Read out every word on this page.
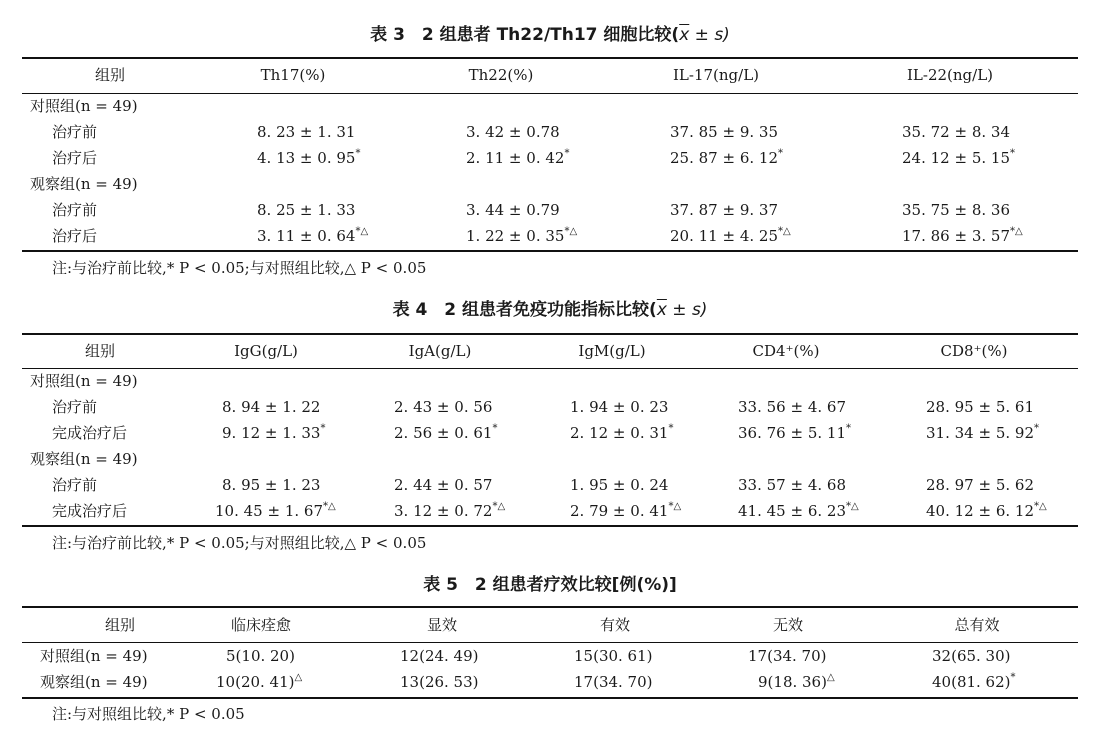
表 3　2 组患者 Th22/Th17 细胞比较$(\overline{x} \pm s)$
组别	Th17(%)	Th22(%)	IL-17(ng/L)	IL-22(ng/L)
对照组(n = 49)
治疗前	8. 23 ± 1. 31	3. 42 ± 0.78	37. 85 ± 9. 35	35. 72 ± 8. 34
治疗后	4. 13 ± 0. 95*	2. 11 ± 0. 42*	25. 87 ± 6. 12*	24. 12 ± 5. 15*
观察组(n = 49)
治疗前	8. 25 ± 1. 33	3. 44 ± 0.79	37. 87 ± 9. 37	35. 75 ± 8. 36
治疗后	3. 11 ± 0. 64*△	1. 22 ± 0. 35*△	20. 11 ± 4. 25*△	17. 86 ± 3. 57*△
注:与治疗前比较,* P < 0.05;与对照组比较,△ P < 0.05
表 4　2 组患者免疫功能指标比较$(\overline{x} \pm s)$
组别	IgG(g/L)	IgA(g/L)	IgM(g/L)	CD4⁺(%)	CD8⁺(%)
对照组(n = 49)
治疗前	8. 94 ± 1. 22	2. 43 ± 0. 56	1. 94 ± 0. 23	33. 56 ± 4. 67	28. 95 ± 5. 61
完成治疗后	9. 12 ± 1. 33*	2. 56 ± 0. 61*	2. 12 ± 0. 31*	36. 76 ± 5. 11*	31. 34 ± 5. 92*
观察组(n = 49)
治疗前	8. 95 ± 1. 23	2. 44 ± 0. 57	1. 95 ± 0. 24	33. 57 ± 4. 68	28. 97 ± 5. 62
完成治疗后	10. 45 ± 1. 67*△	3. 12 ± 0. 72*△	2. 79 ± 0. 41*△	41. 45 ± 6. 23*△	40. 12 ± 6. 12*△
注:与治疗前比较,* P < 0.05;与对照组比较,△ P < 0.05
表 5　2 组患者疗效比较[例(%)]
组别	临床痊愈	显效	有效	无效	总有效
对照组(n = 49)	5(10. 20)	12(24. 49)	15(30. 61)	17(34. 70)	32(65. 30)
观察组(n = 49)	10(20. 41)△	13(26. 53)	17(34. 70)	9(18. 36)△	40(81. 62)*
注:与对照组比较,* P < 0.05
